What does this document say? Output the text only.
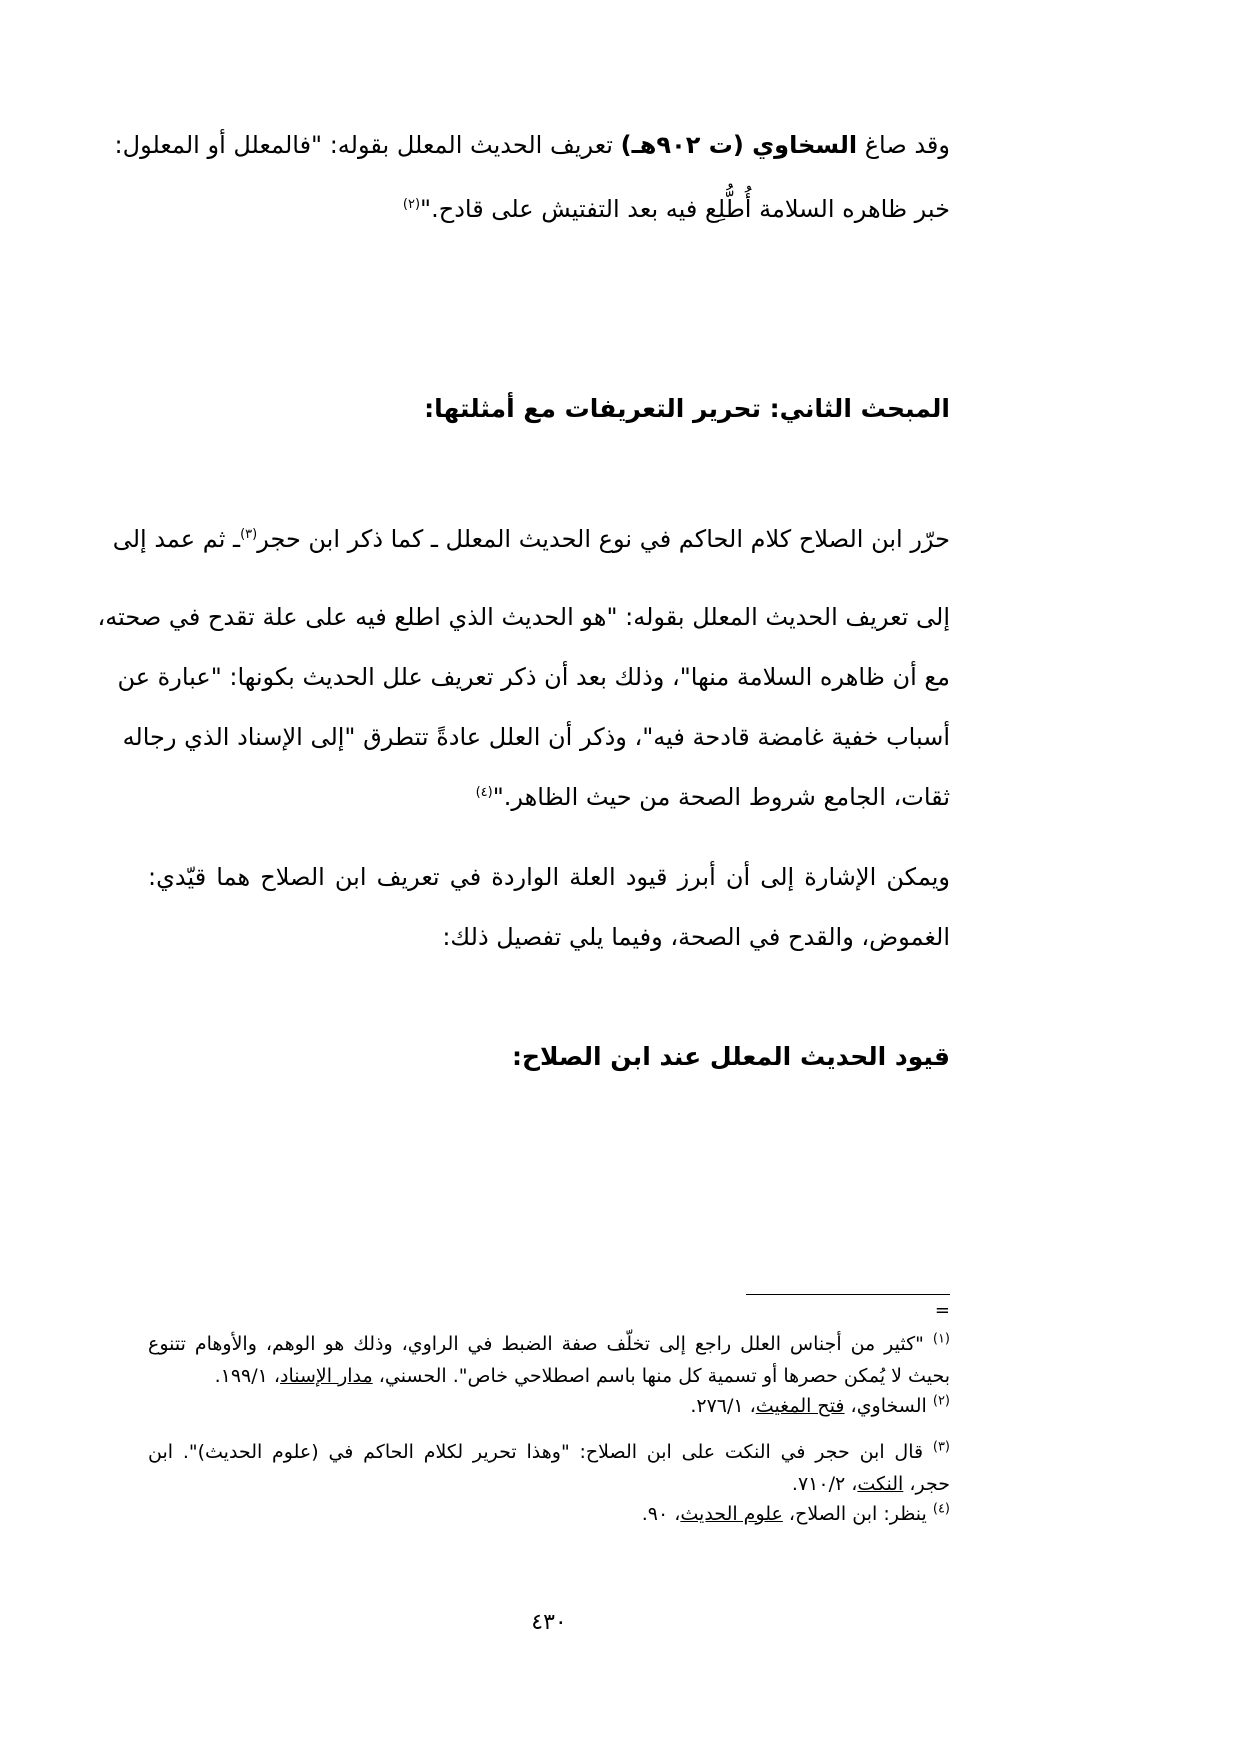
وقد صاغ السخاوي (ت ٩٠٢هـ) تعريف الحديث المعلل بقوله: "فالمعلل أو المعلول:
خبر ظاهره السلامة أُطُّلِع فيه بعد التفتيش على قادح."$^{(٢)}$
المبحث الثاني: تحرير التعريفات مع أمثلتها:
حرّر ابن الصلاح كلام الحاكم في نوع الحديث المعلل ـ كما ذكر ابن حجر$^{(٣)}$ـ ثم عمد إلى
إلى تعريف الحديث المعلل بقوله: "هو الحديث الذي اطلع فيه على علة تقدح في صحته،
مع أن ظاهره السلامة منها"، وذلك بعد أن ذكر تعريف علل الحديث بكونها: "عبارة عن
أسباب خفية غامضة قادحة فيه"، وذكر أن العلل عادةً تتطرق "إلى الإسناد الذي رجاله
ثقات، الجامع شروط الصحة من حيث الظاهر."$^{(٤)}$
ويمكن الإشارة إلى أن أبرز قيود العلة الواردة في تعريف ابن الصلاح هما قيّدي:
الغموض، والقدح في الصحة، وفيما يلي تفصيل ذلك:
قيود الحديث المعلل عند ابن الصلاح:
=
$^{(١)}$ "كثير من أجناس العلل راجع إلى تخلّف صفة الضبط في الراوي، وذلك هو الوهم، والأوهام تتنوع
بحيث لا يُمكن حصرها أو تسمية كل منها باسم اصطلاحي خاص". الحسني، مدار الإسناد، ١٩٩/١.
$^{(٢)}$ السخاوي، فتح المغيث، ٢٧٦/١.
$^{(٣)}$ قال ابن حجر في النكت على ابن الصلاح: "وهذا تحرير لكلام الحاكم في (علوم الحديث)". ابن
حجر، النكت، ٧١٠/٢.
$^{(٤)}$ ينظر: ابن الصلاح، علوم الحديث، ٩٠.
٤٣٠
